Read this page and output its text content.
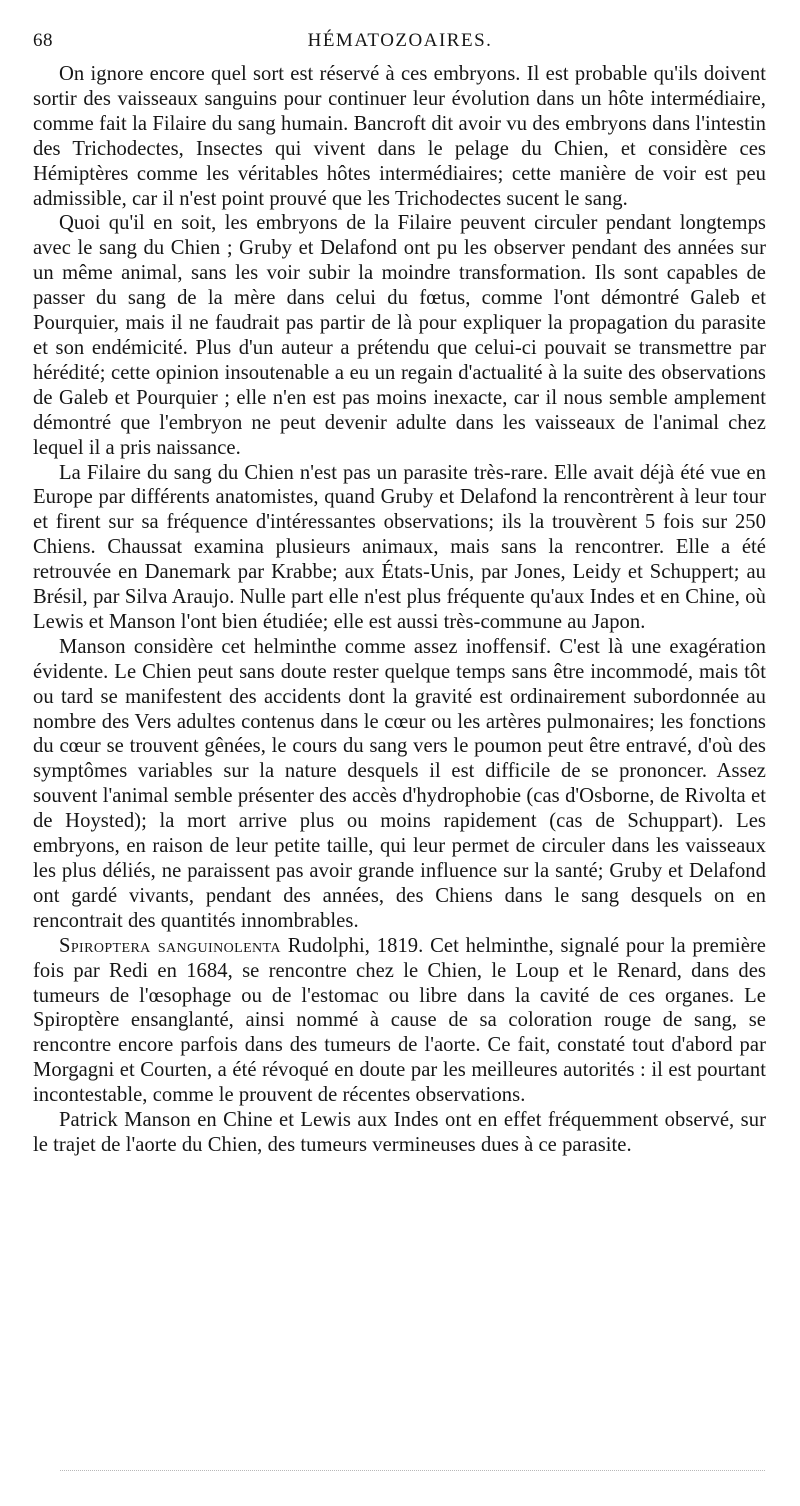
68	HÉMATOZOAIRES.

On ignore encore quel sort est réservé à ces embryons. Il est probable qu'ils doivent sortir des vaisseaux sanguins pour continuer leur évolution dans un hôte intermédiaire, comme fait la Filaire du sang humain. Bancroft dit avoir vu des embryons dans l'intestin des Trichodectes, Insectes qui vivent dans le pelage du Chien, et considère ces Hémiptères comme les véritables hôtes intermédiaires; cette manière de voir est peu admissible, car il n'est point prouvé que les Trichodectes sucent le sang.

Quoi qu'il en soit, les embryons de la Filaire peuvent circuler pendant longtemps avec le sang du Chien ; Gruby et Delafond ont pu les observer pendant des années sur un même animal, sans les voir subir la moindre transformation. Ils sont capables de passer du sang de la mère dans celui du fœtus, comme l'ont démontré Galeb et Pourquier, mais il ne faudrait pas partir de là pour expliquer la propagation du parasite et son endémicité. Plus d'un auteur a prétendu que celui-ci pouvait se transmettre par hérédité; cette opinion insoutenable a eu un regain d'actualité à la suite des observations de Galeb et Pourquier ; elle n'en est pas moins inexacte, car il nous semble amplement démontré que l'embryon ne peut devenir adulte dans les vaisseaux de l'animal chez lequel il a pris naissance.

La Filaire du sang du Chien n'est pas un parasite très-rare. Elle avait déjà été vue en Europe par différents anatomistes, quand Gruby et Delafond la rencontrèrent à leur tour et firent sur sa fréquence d'intéressantes observations; ils la trouvèrent 5 fois sur 250 Chiens. Chaussat examina plusieurs animaux, mais sans la rencontrer. Elle a été retrouvée en Danemark par Krabbe; aux États-Unis, par Jones, Leidy et Schuppert; au Brésil, par Silva Araujo. Nulle part elle n'est plus fréquente qu'aux Indes et en Chine, où Lewis et Manson l'ont bien étudiée; elle est aussi très-commune au Japon.

Manson considère cet helminthe comme assez inoffensif. C'est là une exagération évidente. Le Chien peut sans doute rester quelque temps sans être incommodé, mais tôt ou tard se manifestent des accidents dont la gravité est ordinairement subordonnée au nombre des Vers adultes contenus dans le cœur ou les artères pulmonaires; les fonctions du cœur se trouvent gênées, le cours du sang vers le poumon peut être entravé, d'où des symptômes variables sur la nature desquels il est difficile de se prononcer. Assez souvent l'animal semble présenter des accès d'hydrophobie (cas d'Osborne, de Rivolta et de Hoysted); la mort arrive plus ou moins rapidement (cas de Schuppart). Les embryons, en raison de leur petite taille, qui leur permet de circuler dans les vaisseaux les plus déliés, ne paraissent pas avoir grande influence sur la santé; Gruby et Delafond ont gardé vivants, pendant des années, des Chiens dans le sang desquels on en rencontrait des quantités innombrables.

Spiroptera sanguinolenta Rudolphi, 1819. Cet helminthe, signalé pour la première fois par Redi en 1684, se rencontre chez le Chien, le Loup et le Renard, dans des tumeurs de l'œsophage ou de l'estomac ou libre dans la cavité de ces organes. Le Spiroptère ensanglanté, ainsi nommé à cause de sa coloration rouge de sang, se rencontre encore parfois dans des tumeurs de l'aorte. Ce fait, constaté tout d'abord par Morgagni et Courten, a été révoqué en doute par les meilleures autorités : il est pourtant incontestable, comme le prouvent de récentes observations.

Patrick Manson en Chine et Lewis aux Indes ont en effet fréquemment observé, sur le trajet de l'aorte du Chien, des tumeurs vermineuses dues à ce parasite.
